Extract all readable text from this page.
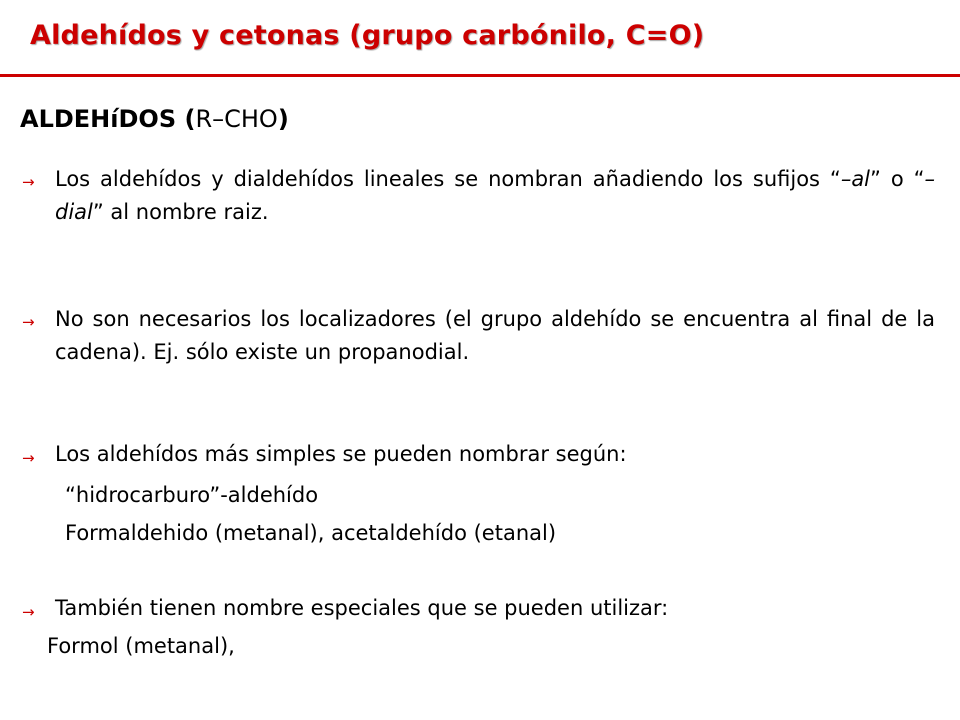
Aldehídos y cetonas (grupo carbónilo, C=O)
ALDEHíDOS (R–CHO)
→ Los aldehídos y dialdehídos lineales se nombran añadiendo los sufijos “–al” o “–dial” al nombre raiz.
→ No son necesarios los localizadores (el grupo aldehído se encuentra al final de la cadena). Ej. sólo existe un propanodial.
→ Los aldehídos más simples se pueden nombrar según:
“hidrocarburo”-aldehído
Formaldehido (metanal), acetaldehído (etanal)
→ También tienen nombre especiales que se pueden utilizar:
Formol (metanal),
